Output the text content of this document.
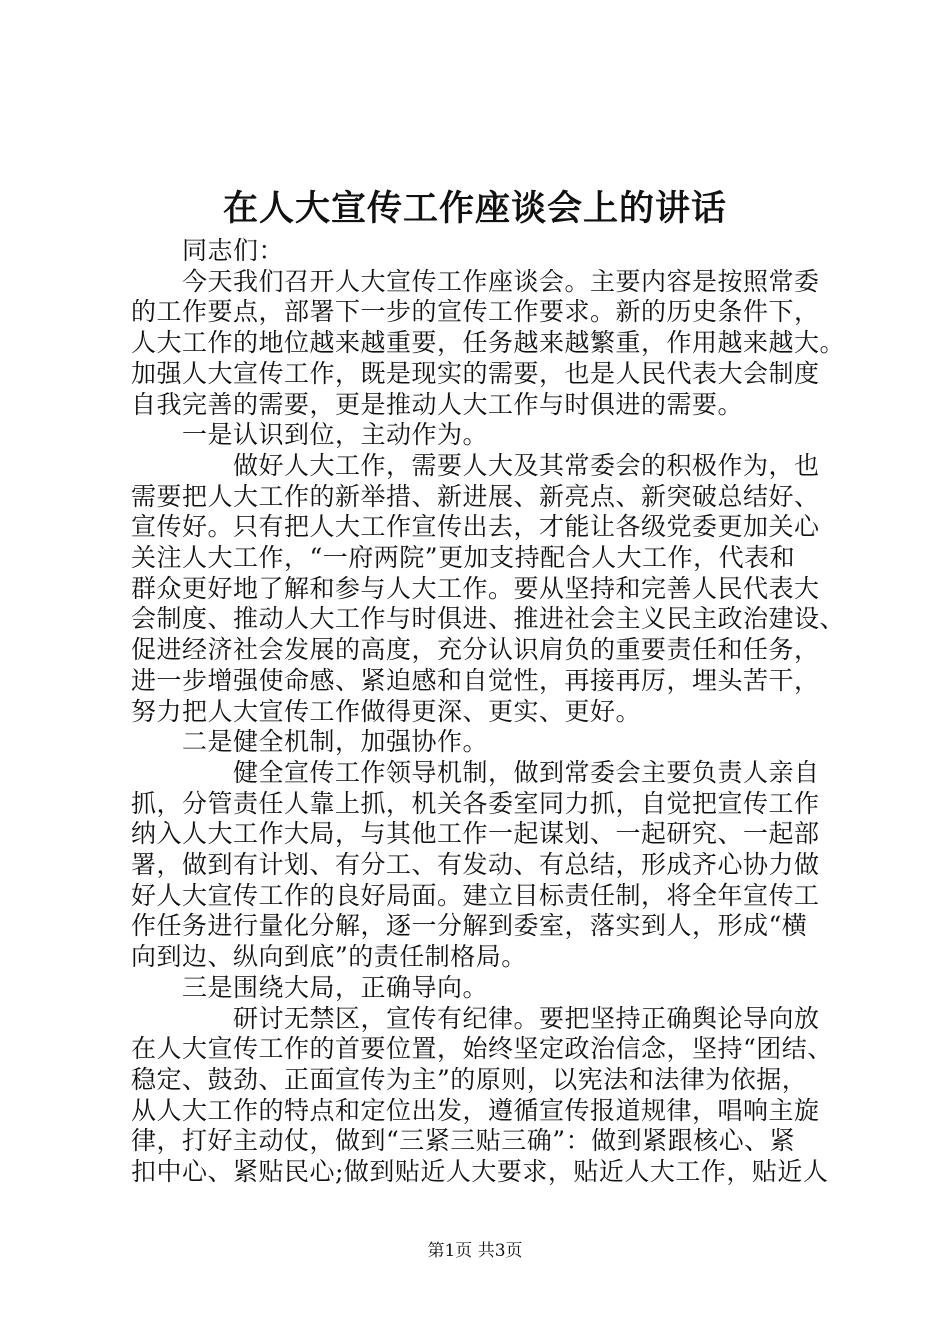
在人大宣传工作座谈会上的讲话
　　同志们：
　　今天我们召开人大宣传工作座谈会。主要内容是按照常委
的工作要点，部署下一步的宣传工作要求。新的历史条件下，
人大工作的地位越来越重要，任务越来越繁重，作用越来越大。
加强人大宣传工作，既是现实的需要，也是人民代表大会制度
自我完善的需要，更是推动人大工作与时俱进的需要。
　　一是认识到位，主动作为。
　　　　做好人大工作，需要人大及其常委会的积极作为，也
需要把人大工作的新举措、新进展、新亮点、新突破总结好、
宣传好。只有把人大工作宣传出去，才能让各级党委更加关心
关注人大工作，“一府两院”更加支持配合人大工作，代表和
群众更好地了解和参与人大工作。要从坚持和完善人民代表大
会制度、推动人大工作与时俱进、推进社会主义民主政治建设、
促进经济社会发展的高度，充分认识肩负的重要责任和任务，
进一步增强使命感、紧迫感和自觉性，再接再厉，埋头苦干，
努力把人大宣传工作做得更深、更实、更好。
　　二是健全机制，加强协作。
　　　　健全宣传工作领导机制，做到常委会主要负责人亲自
抓，分管责任人靠上抓，机关各委室同力抓，自觉把宣传工作
纳入人大工作大局，与其他工作一起谋划、一起研究、一起部
署，做到有计划、有分工、有发动、有总结，形成齐心协力做
好人大宣传工作的良好局面。建立目标责任制，将全年宣传工
作任务进行量化分解，逐一分解到委室，落实到人，形成“横
向到边、纵向到底”的责任制格局。
　　三是围绕大局，正确导向。
　　　　研讨无禁区，宣传有纪律。要把坚持正确舆论导向放
在人大宣传工作的首要位置，始终坚定政治信念，坚持“团结、
稳定、鼓劲、正面宣传为主”的原则，以宪法和法律为依据，
从人大工作的特点和定位出发，遵循宣传报道规律，唱响主旋
律，打好主动仗，做到“三紧三贴三确”：做到紧跟核心、紧
扣中心、紧贴民心;做到贴近人大要求，贴近人大工作，贴近人
第1页 共3页
